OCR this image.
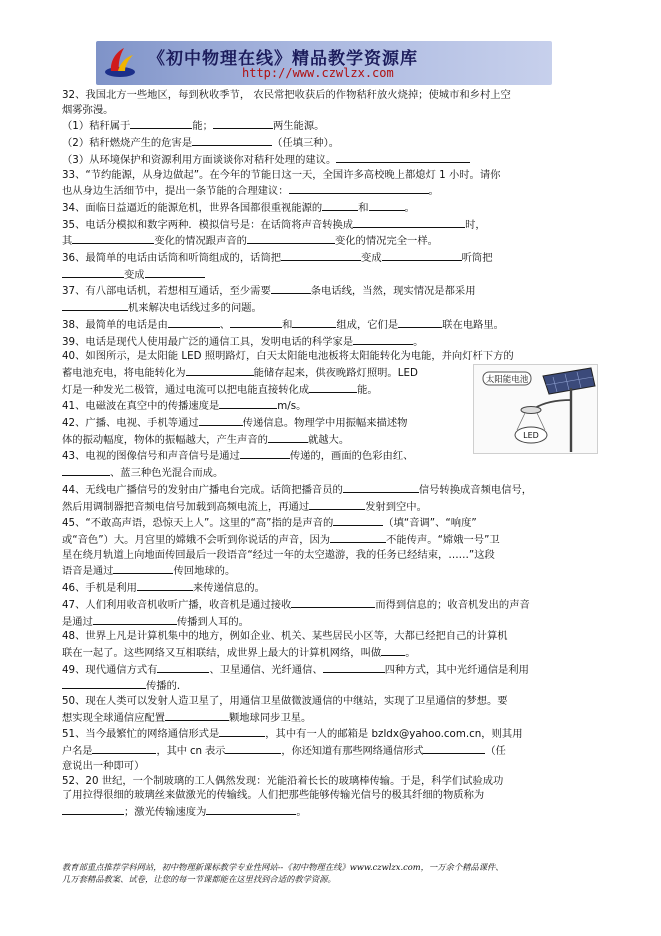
《初中物理在线》精品教学资源库
http://www.czwlzx.com

32、我国北方一些地区，每到秋收季节， 农民常把收获后的作物秸秆放火烧掉；使城市和乡村上空

烟雾弥漫。

（1）秸秆属于	能；	两生能源。

（2）秸秆燃烧产生的危害是	（任填三种）。

（3）从环境保护和资源利用方面谈谈你对秸秆处理的建议。

33、“节约能源，从身边做起”。在今年的节能日这一天，全国许多高校晚上都熄灯 1 小时。请你

也从身边生活细节中，提出一条节能的合理建议：	。

34、面临日益逼近的能源危机，世界各国都很重视能源的	和	。

35、电话分模拟和数字两种．模拟信号是：在话筒将声音转换成	时，

其	变化的情况跟声音的	变化的情况完全一样。

36、最简单的电话由话筒和听筒组成的，话筒把	变成	听筒把

变成

37、有八部电话机，若想相互通话，至少需要	条电话线，当然，现实情况是都采用

机来解决电话线过多的问题。

38、最简单的电话是由	、	和	组成，它们是	联在电路里。

39、电话是现代人使用最广泛的通信工具，发明电话的科学家是	。

40、如图所示，是太阳能 LED 照明路灯，白天太阳能电池板将太阳能转化为电能，并向灯杆下方的

蓄电池充电，将电能转化为	能储存起来，供夜晚路灯照明。LED

灯是一种发光二极管，通过电流可以把电能直接转化成	能。

41、电磁波在真空中的传播速度是	m/s。

42、广播、电视、手机等通过	传递信息。物理学中用振幅来描述物

体的振动幅度，物体的振幅越大，产生声音的	就越大。

43、电视的图像信号和声音信号是通过	传递的，画面的色彩由红、

、蓝三种色光混合而成。

44、无线电广播信号的发射由广播电台完成。话筒把播音员的	信号转换成音频电信号，

然后用调制器把音频电信号加载到高频电流上，再通过	发射到空中。

45、“不敢高声语，恐惊天上人”。这里的“高”指的是声音的	（填“音调”、“响度”

或“音色”）大。月宫里的嫦娥不会听到你说话的声音，因为	不能传声。“嫦娥一号”卫

星在绕月轨道上向地面传回最后一段语音“经过一年的太空遨游，我的任务已经结束，……”这段

语音是通过	传回地球的。

46、手机是利用	来传递信息的。

47、人们利用收音机收听广播，收音机是通过接收	而得到信息的；收音机发出的声音

是通过	传播到人耳的。

48、世界上凡是计算机集中的地方，例如企业、机关、某些居民小区等，大都已经把自己的计算机

联在一起了。这些网络又互相联结，成世界上最大的计算机网络，叫做 。

49、现代通信方式有	、卫星通信、光纤通信、	四种方式，其中光纤通信是利用

传播的．

50、现在人类可以发射人造卫星了，用通信卫星做微波通信的中继站，实现了卫星通信的梦想。要

想实现全球通信应配置	颗地球同步卫星。

51、当今最繁忙的网络通信形式是	，其中有一人的邮箱是 bzldx@yahoo.com.cn，则其用

户名是	，其中 cn 表示	，你还知道有那些网络通信形式	（任

意说出一种即可）

52、20 世纪，一个制玻璃的工人偶然发现：光能沿着长长的玻璃棒传输。于是，科学们试验成功

了用拉得很细的玻璃丝来做激光的传输线。人们把那些能够传输光信号的极其纤细的物质称为

；激光传输速度为	。

太阳能电池
LED
教育部重点推荐学科网站，初中物理新课标教学专业性网站--《初中物理在线》www.czwlzx.com，一万余个精品课件、
几万套精品教案、试卷，让您的每一节课都能在这里找到合适的教学资源。
